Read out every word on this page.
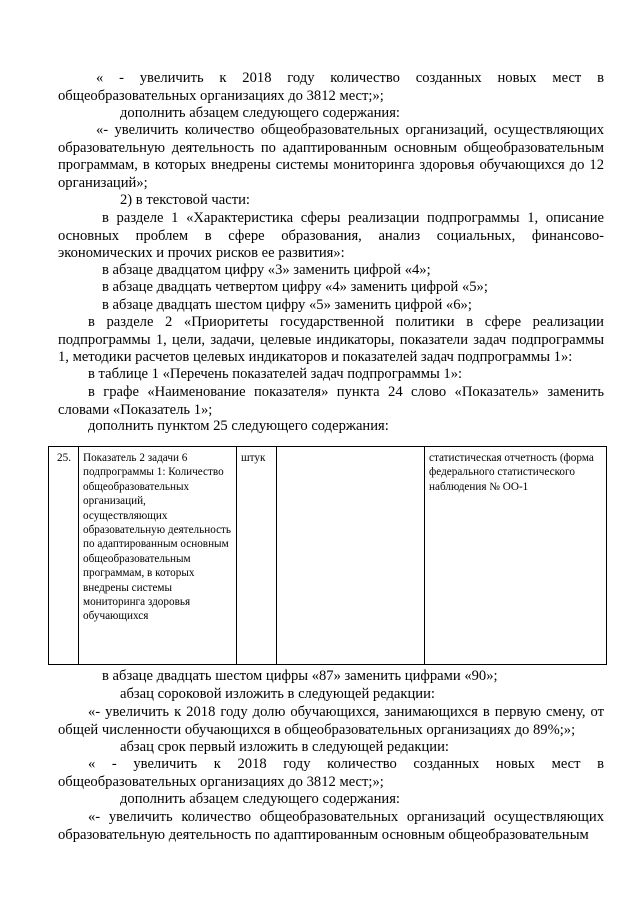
« - увеличить к 2018 году количество созданных новых мест в общеобразовательных организациях до 3812 мест;»;
дополнить абзацем следующего содержания:
«- увеличить количество общеобразовательных организаций, осуществляющих образовательную деятельность по адаптированным основным общеобразовательным программам, в которых внедрены системы мониторинга здоровья обучающихся до 12 организаций»;
2) в текстовой части:
в разделе 1 «Характеристика сферы реализации подпрограммы 1, описание основных проблем в сфере образования, анализ социальных, финансово-экономических и прочих рисков ее развития»:
в абзаце двадцатом цифру «3» заменить цифрой «4»;
в абзаце двадцать четвертом цифру «4» заменить цифрой «5»;
в абзаце двадцать шестом цифру «5» заменить цифрой «6»;
в разделе 2 «Приоритеты государственной политики в сфере реализации подпрограммы 1, цели, задачи, целевые индикаторы, показатели задач подпрограммы 1, методики расчетов целевых индикаторов и показателей задач подпрограммы 1»:
в таблице 1 «Перечень показателей задач подпрограммы 1»:
в графе «Наименование показателя» пункта 24 слово «Показатель» заменить словами «Показатель 1»;
дополнить пунктом 25 следующего содержания:
25.	Показатель 2 задачи 6 подпрограммы 1: Количество общеобразовательных организаций, осуществляющих образовательную деятельность по адаптированным основным общеобразовательным программам, в которых внедрены системы мониторинга здоровья обучающихся	штук			статистическая отчетность (форма федерального статистического наблюдения № ОО-1
в абзаце двадцать шестом цифры «87» заменить цифрами «90»;
абзац сороковой изложить в следующей редакции:
«- увеличить к 2018 году долю обучающихся, занимающихся в первую смену, от общей численности обучающихся в общеобразовательных организациях до 89%;»;
абзац срок первый изложить в следующей редакции:
« - увеличить к 2018 году количество созданных новых мест в общеобразовательных организациях до 3812 мест;»;
дополнить абзацем следующего содержания:
«- увеличить количество общеобразовательных организаций осуществляющих образовательную деятельность по адаптированным основным общеобразовательным
